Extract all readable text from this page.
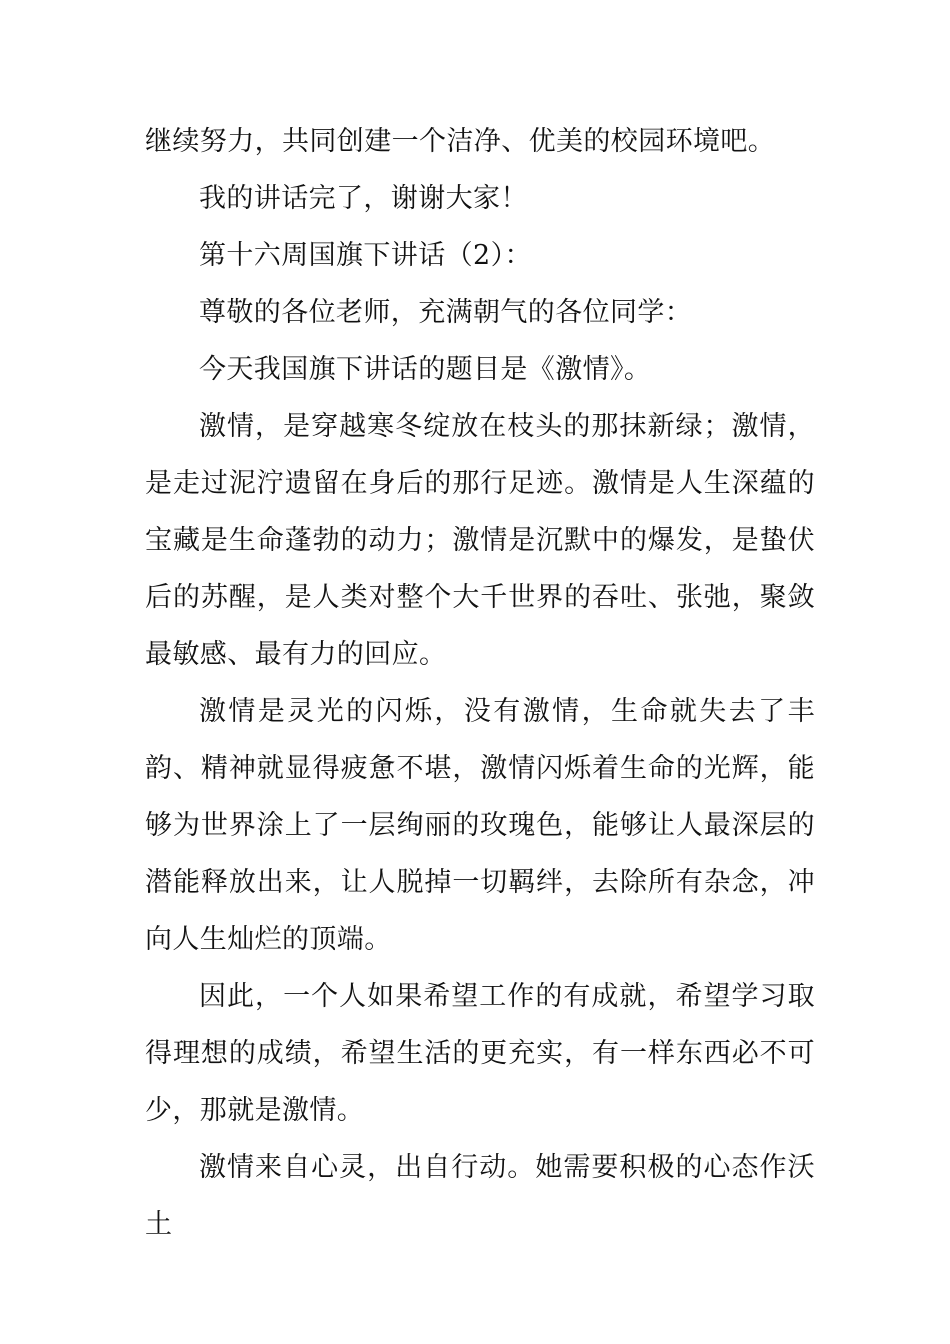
继续努力，共同创建一个洁净、优美的校园环境吧。

我的讲话完了，谢谢大家！

第十六周国旗下讲话（2）：

尊敬的各位老师，充满朝气的各位同学：

今天我国旗下讲话的题目是《激情》。

激情，是穿越寒冬绽放在枝头的那抹新绿；激情，是走过泥泞遗留在身后的那行足迹。激情是人生深蕴的宝藏是生命蓬勃的动力；激情是沉默中的爆发，是蛰伏后的苏醒，是人类对整个大千世界的吞吐、张弛，聚敛最敏感、最有力的回应。

激情是灵光的闪烁，没有激情，生命就失去了丰韵、精神就显得疲惫不堪，激情闪烁着生命的光辉，能够为世界涂上了一层绚丽的玫瑰色，能够让人最深层的潜能释放出来，让人脱掉一切羁绊，去除所有杂念，冲向人生灿烂的顶端。

因此，一个人如果希望工作的有成就，希望学习取得理想的成绩，希望生活的更充实，有一样东西必不可少，那就是激情。

激情来自心灵，出自行动。她需要积极的心态作沃土
